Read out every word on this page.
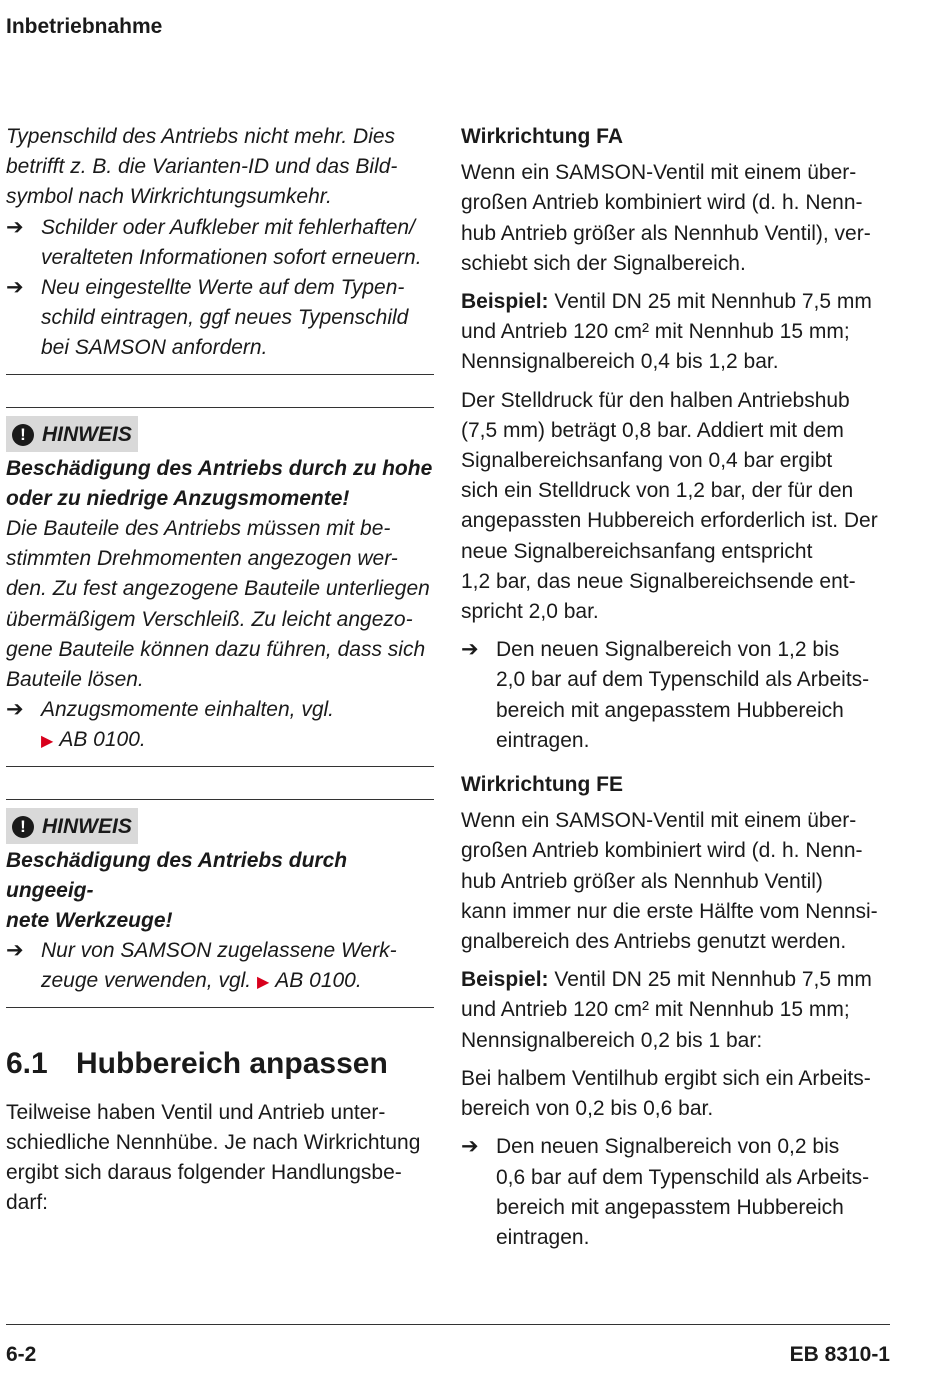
Inbetriebnahme
Typenschild des Antriebs nicht mehr. Dies
betrifft z. B. die Varianten-ID und das Bild-
symbol nach Wirkrichtungsumkehr.
➔ Schilder oder Aufkleber mit fehlerhaften/
veralteten Informationen sofort erneuern.
➔ Neu eingestellte Werte auf dem Typen-
schild eintragen, ggf neues Typenschild
bei SAMSON anfordern.
! HINWEIS
Beschädigung des Antriebs durch zu hohe
oder zu niedrige Anzugsmomente!
Die Bauteile des Antriebs müssen mit be-
stimmten Drehmomenten angezogen wer-
den. Zu fest angezogene Bauteile unterliegen
übermäßigem Verschleiß. Zu leicht angezo-
gene Bauteile können dazu führen, dass sich
Bauteile lösen.
➔ Anzugsmomente einhalten, vgl.
▶ AB 0100.
! HINWEIS
Beschädigung des Antriebs durch ungeeig-
nete Werkzeuge!
➔ Nur von SAMSON zugelassene Werk-
zeuge verwenden, vgl. ▶ AB 0100.
6.1 Hubbereich anpassen
Teilweise haben Ventil und Antrieb unter-
schiedliche Nennhübe. Je nach Wirkrichtung
ergibt sich daraus folgender Handlungsbe-
darf:
Wirkrichtung FA
Wenn ein SAMSON-Ventil mit einem über-
großen Antrieb kombiniert wird (d. h. Nenn-
hub Antrieb größer als Nennhub Ventil), ver-
schiebt sich der Signalbereich.
Beispiel: Ventil DN 25 mit Nennhub 7,5 mm
und Antrieb 120 cm² mit Nennhub 15 mm;
Nennsignalbereich 0,4 bis 1,2 bar.
Der Stelldruck für den halben Antriebshub
(7,5 mm) beträgt 0,8 bar. Addiert mit dem
Signalbereichsanfang von 0,4 bar ergibt
sich ein Stelldruck von 1,2 bar, der für den
angepassten Hubbereich erforderlich ist. Der
neue Signalbereichsanfang entspricht
1,2 bar, das neue Signalbereichsende ent-
spricht 2,0 bar.
➔ Den neuen Signalbereich von 1,2 bis
2,0 bar auf dem Typenschild als Arbeits-
bereich mit angepasstem Hubbereich
eintragen.
Wirkrichtung FE
Wenn ein SAMSON-Ventil mit einem über-
großen Antrieb kombiniert wird (d. h. Nenn-
hub Antrieb größer als Nennhub Ventil)
kann immer nur die erste Hälfte vom Nennsi-
gnalbereich des Antriebs genutzt werden.
Beispiel: Ventil DN 25 mit Nennhub 7,5 mm
und Antrieb 120 cm² mit Nennhub 15 mm;
Nennsignalbereich 0,2 bis 1 bar:
Bei halbem Ventilhub ergibt sich ein Arbeits-
bereich von 0,2 bis 0,6 bar.
➔ Den neuen Signalbereich von 0,2 bis
0,6 bar auf dem Typenschild als Arbeits-
bereich mit angepasstem Hubbereich
eintragen.
6-2	EB 8310-1
